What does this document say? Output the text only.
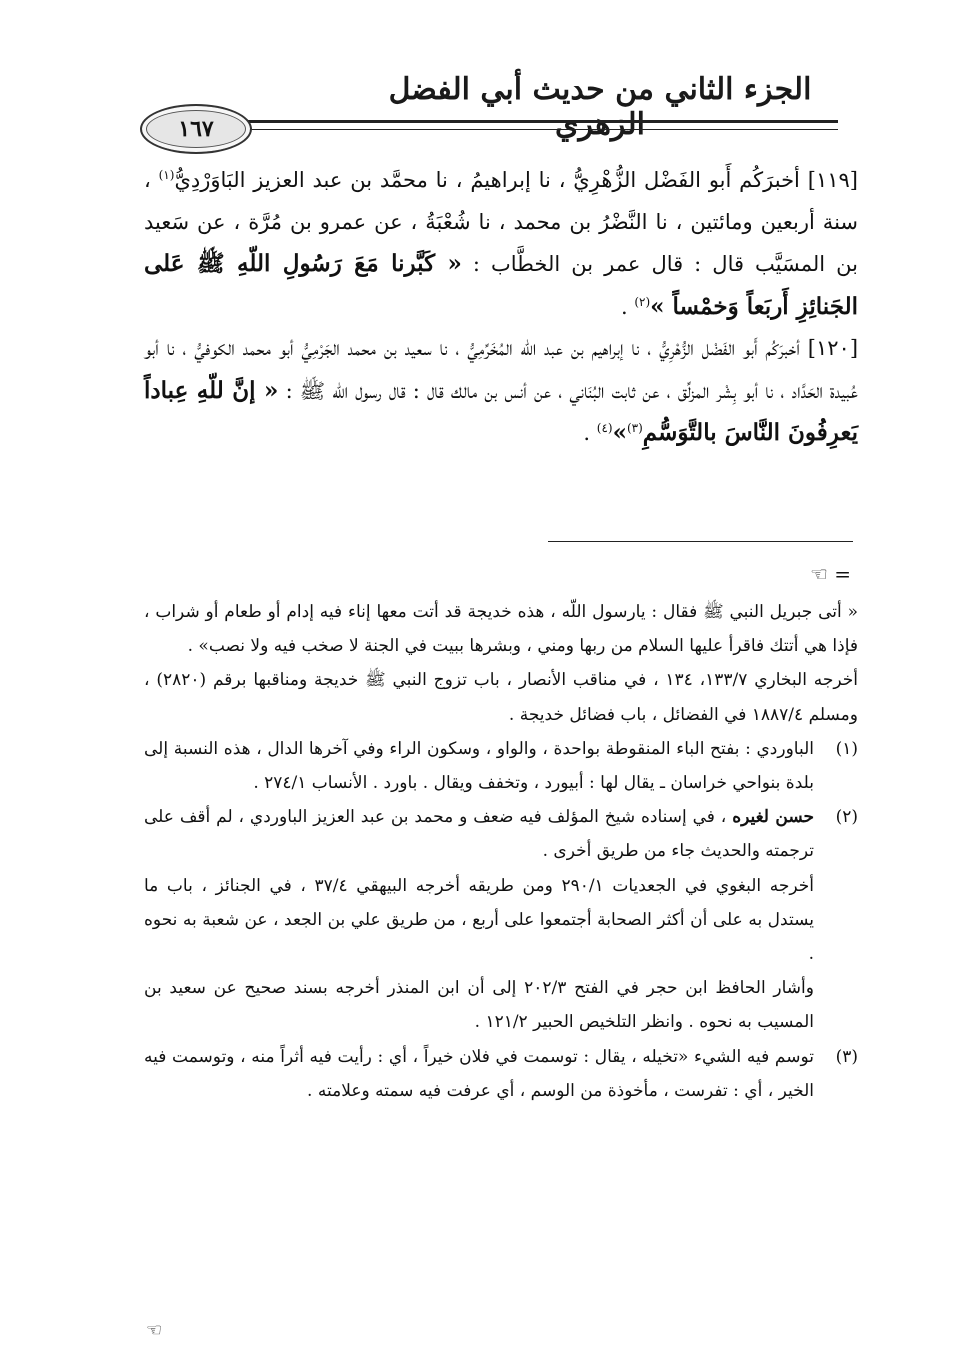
الجزء الثاني من حديث أبي الفضل الزهري
١٦٧

[١١٩] أخبرَكُم أَبو الفَضْل الزُّهْرِيُّ ، نا إبراهيمُ ، نا محمَّد بن عبد العزيز البَاوَرْدِيُّ$^{(١)}$ ، سنة أربعين ومائتين ، نا النَّضْرُ بن محمد ، نا شُعْبَةُ ، عن عمرو بن مُرَّة ، عن سَعيد بن المسَيَّب قال : قال عمر بن الخطَّاب : « كَبَّرنا مَعَ رَسُولِ اللّهِ ﷺ عَلى الجَنائِزِ أَربَعاً وَخمْساً »$^{(٢)}$ .

[١٢٠] أخبرَكُم أَبو الفَضْل الزُّهْرِيُّ ، نا إبراهيم بن عبد اللّه المُخَرِّمِيُّ ، نا سعيد بن محمد الجَرْمِيُّ أبو محمد الكوفيُّ ، نا أبو عُبيدة الحَدَّاد ، نا أبو بِشْر المزلِّق ، عن ثابت البُنَاني ، عن أنس بن مالك قال : قال رسول اللّه ﷺ : « إنَّ للّهِ عِباداً يَعرِفُونَ النَّاسَ بالتَّوَسُّمِ$^{(٣)}$»$^{(٤)}$ .

= ☜

« أتى جبريل النبي ﷺ فقال : يارسول اللّه ، هذه خديجة قد أتت معها إناء فيه إدام أو طعام أو شراب ، فإذا هي أتتك فاقرأ عليها السلام من ربها ومني ، وبشرها ببيت في الجنة لا صخب فيه ولا نصب» .

أخرجه البخاري ١٣٣/٧، ١٣٤ ، في مناقب الأنصار ، باب تزوج النبي ﷺ خديجة ومناقبها برقم (٢٨٢٠) ، ومسلم ١٨٨٧/٤ في الفضائل ، باب فضائل خديجة .

(١)

الباوردي : بفتح الباء المنقوطة بواحدة ، والواو ، وسكون الراء وفي آخرها الدال ، هذه النسبة إلى بلدة بنواحي خراسان ـ يقال لها : أبيورد ، وتخفف ويقال . باورد . الأنساب ٢٧٤/١ .

(٢)

حسن لغيره ، في إسناده شيخ المؤلف فيه ضعف و محمد بن عبد العزيز الباوردي ، لم أقف على ترجمته والحديث جاء من طريق أخرى .

أخرجه البغوي في الجعديات ٢٩٠/١ ومن طريقه أخرجه البيهقي ٣٧/٤ ، في الجنائز ، باب ما يستدل به على أن أكثر الصحابة أجتمعوا على أربع ، من طريق علي بن الجعد ، عن شعبة به نحوه .

وأشار الحافظ ابن حجر في الفتح ٢٠٢/٣ إلى أن ابن المنذر أخرجه بسند صحيح عن سعيد بن المسيب به نحوه . وانظر التلخيص الحبير ١٢١/٢ .

(٣)

توسم فيه الشيء «تخيله ، يقال : توسمت في فلان خيراً ، أي : رأيت فيه أثراً منه ، وتوسمت فيه الخير ، أي : تفرست ، مأخوذة من الوسم ، أي عرفت فيه سمته وعلامته .

☜
